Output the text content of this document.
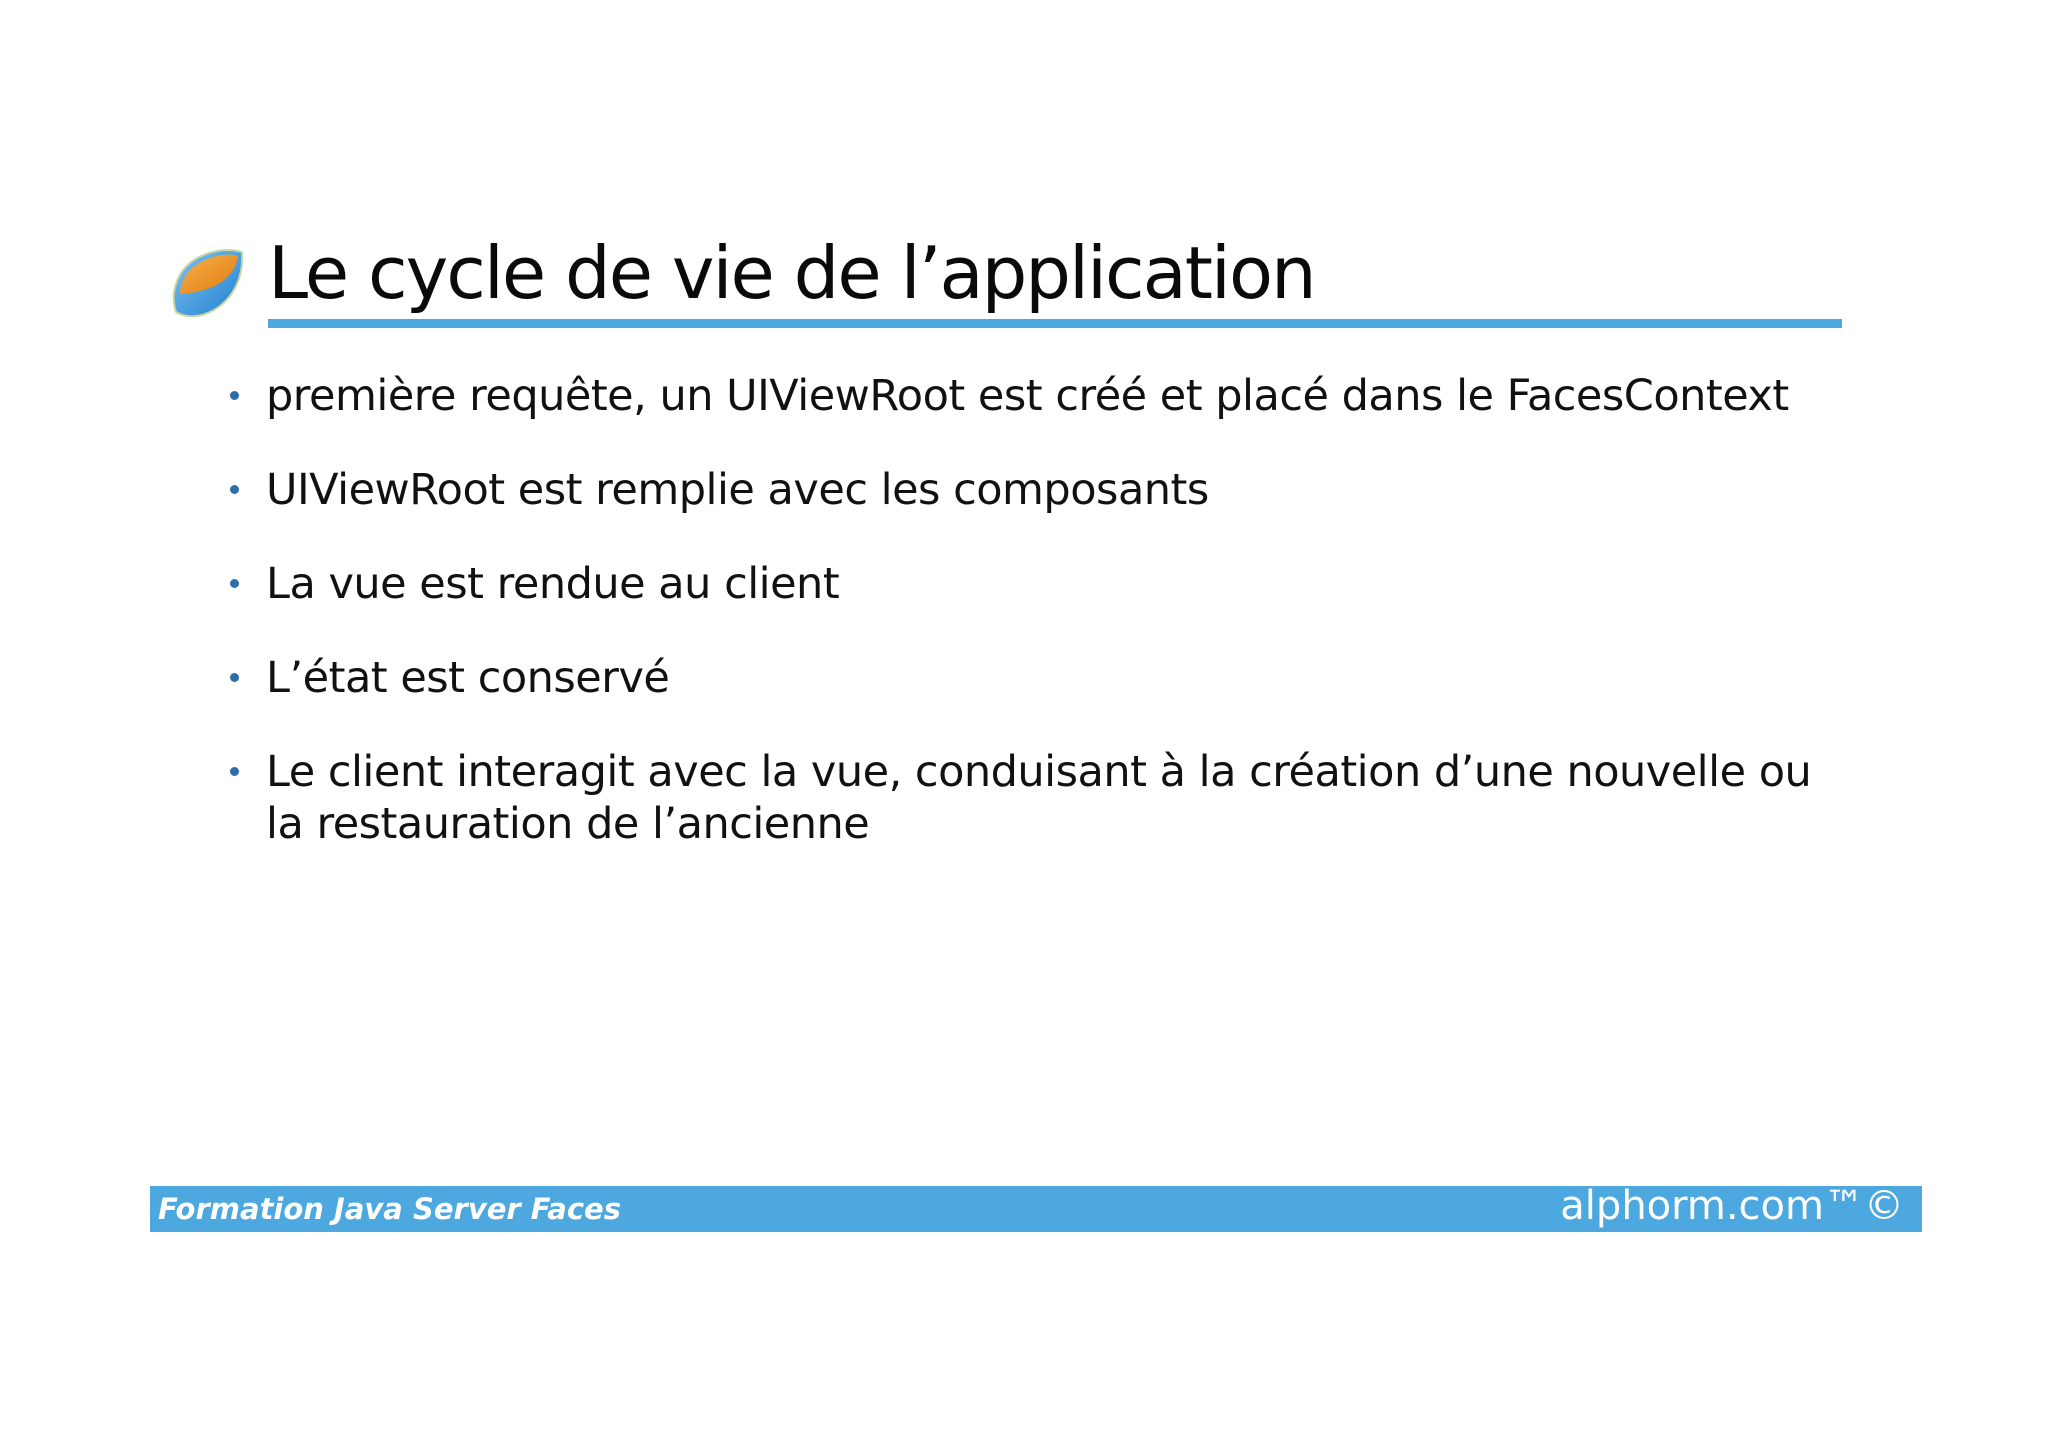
Le cycle de vie de l’application
première requête, un UIViewRoot est créé et placé dans le FacesContext
UIViewRoot est remplie avec les composants
La vue est rendue au client
L’état est conservé
Le client interagit avec la vue, conduisant à la création d’une nouvelle ou la restauration de l’ancienne
Formation Java Server Faces	alphorm.com™©
